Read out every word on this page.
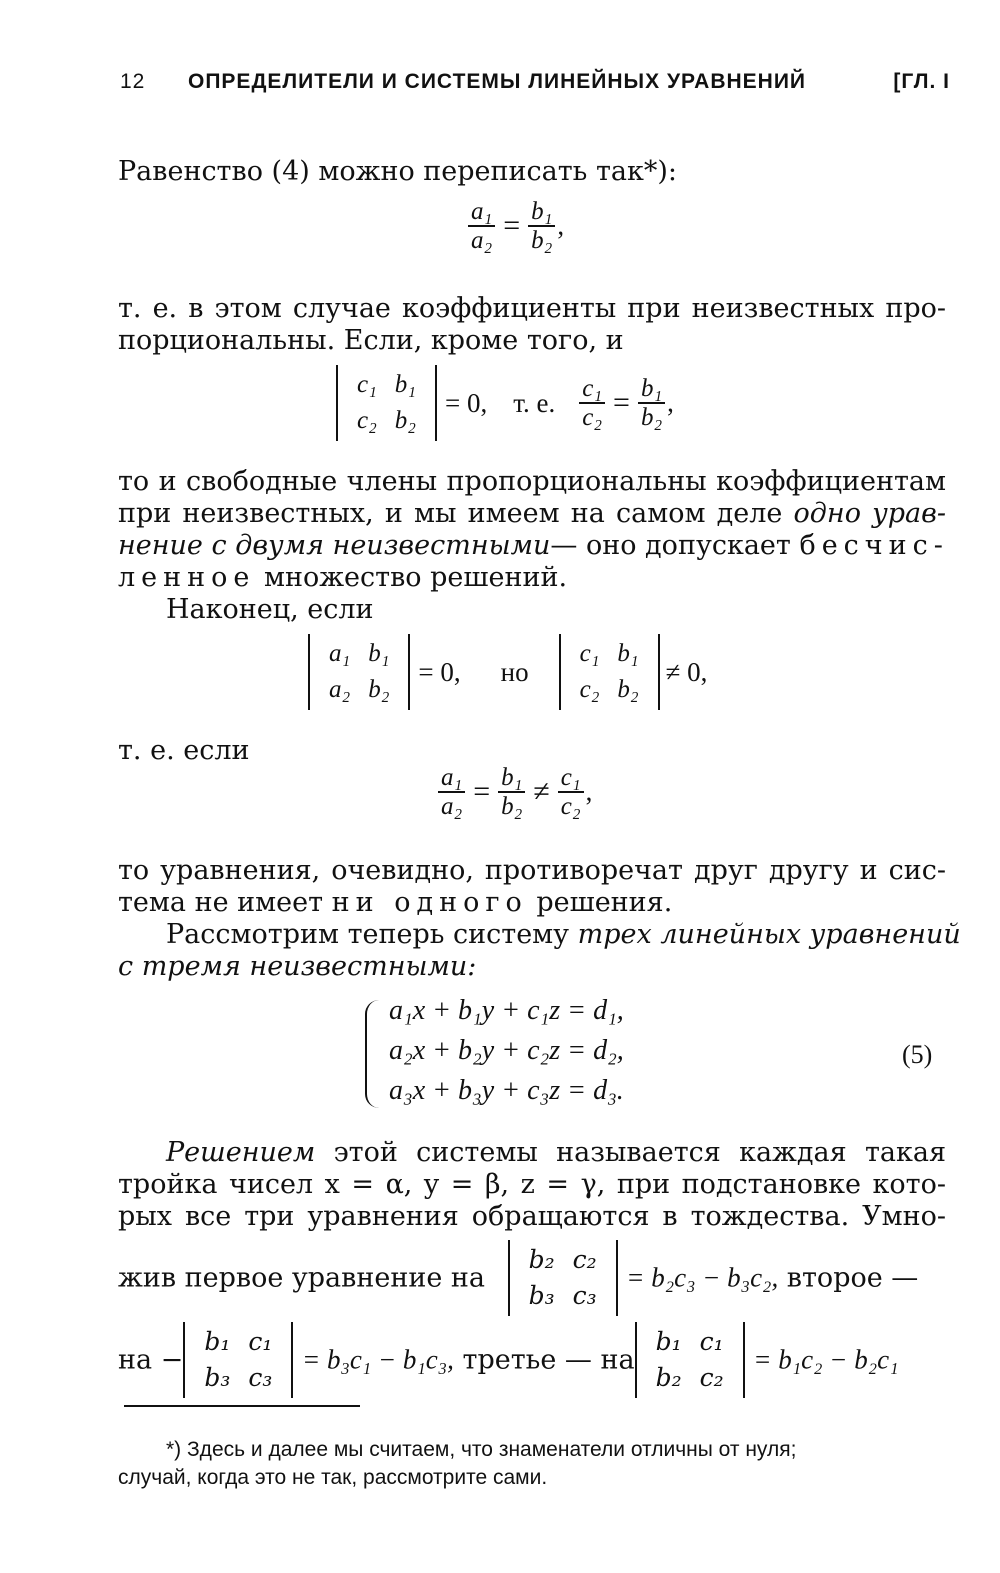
12 ОПРЕДЕЛИТЕЛИ И СИСТЕМЫ ЛИНЕЙНЫХ УРАВНЕНИЙ	[ГЛ. I
Равенство (4) можно переписать так*):
$\frac{\text{a₁}}{\text{a₂}} = \frac{\text{b₁}}{\text{b₂}}$ ,
т. е. в этом случае коэффициенты при неизвестных про-
порциональны. Если, кроме того, и
c₁	b₁
c₂	b₂
= 0, т. е. $\frac{\text{c₁}}{\text{c₂}} = \frac{\text{b₁}}{\text{b₂}}$ ,
то и свободные члены пропорциональны коэффициентам
при неизвестных, и мы имеем на самом деле одно урав-
нение с двумя неизвестными— оно допускает бесчис-
ленное множество решений.
Наконец, если
a₁	b₁
a₂	b₂
= 0, но
c₁	b₁
c₂	b₂
≠ 0,
т. е. если
$\frac{\text{a₁}}{\text{a₂}} = \frac{\text{b₁}}{\text{b₂}} \ne \frac{\text{c₁}}{\text{c₂}}$ ,
то уравнения, очевидно, противоречат друг другу и сис-
тема не имеет ни одного решения.
Рассмотрим теперь систему трех линейных уравнений
с тремя неизвестными:
a₁x + b₁y + c₁z = d₁,
a₂x + b₂y + c₂z = d₂,
a₃x + b₃y + c₃z = d₃.
(5)
Решением этой системы называется каждая такая
тройка чисел x = α, y = β, z = γ, при подстановке кото-
рых все три уравнения обращаются в тождества. Умно-
жив первое уравнение на
b₂	c₂
b₃	c₃
= b₂c₃ − b₃c₂, второе —
на −
b₁	c₁
b₃	c₃
= b₃c₁ − b₁c₃, третье — на
b₁	c₁
b₂	c₂
= b₁c₂ − b₂c₁
*) Здесь и далее мы считаем, что знаменатели отличны от нуля;
случай, когда это не так, рассмотрите сами.
